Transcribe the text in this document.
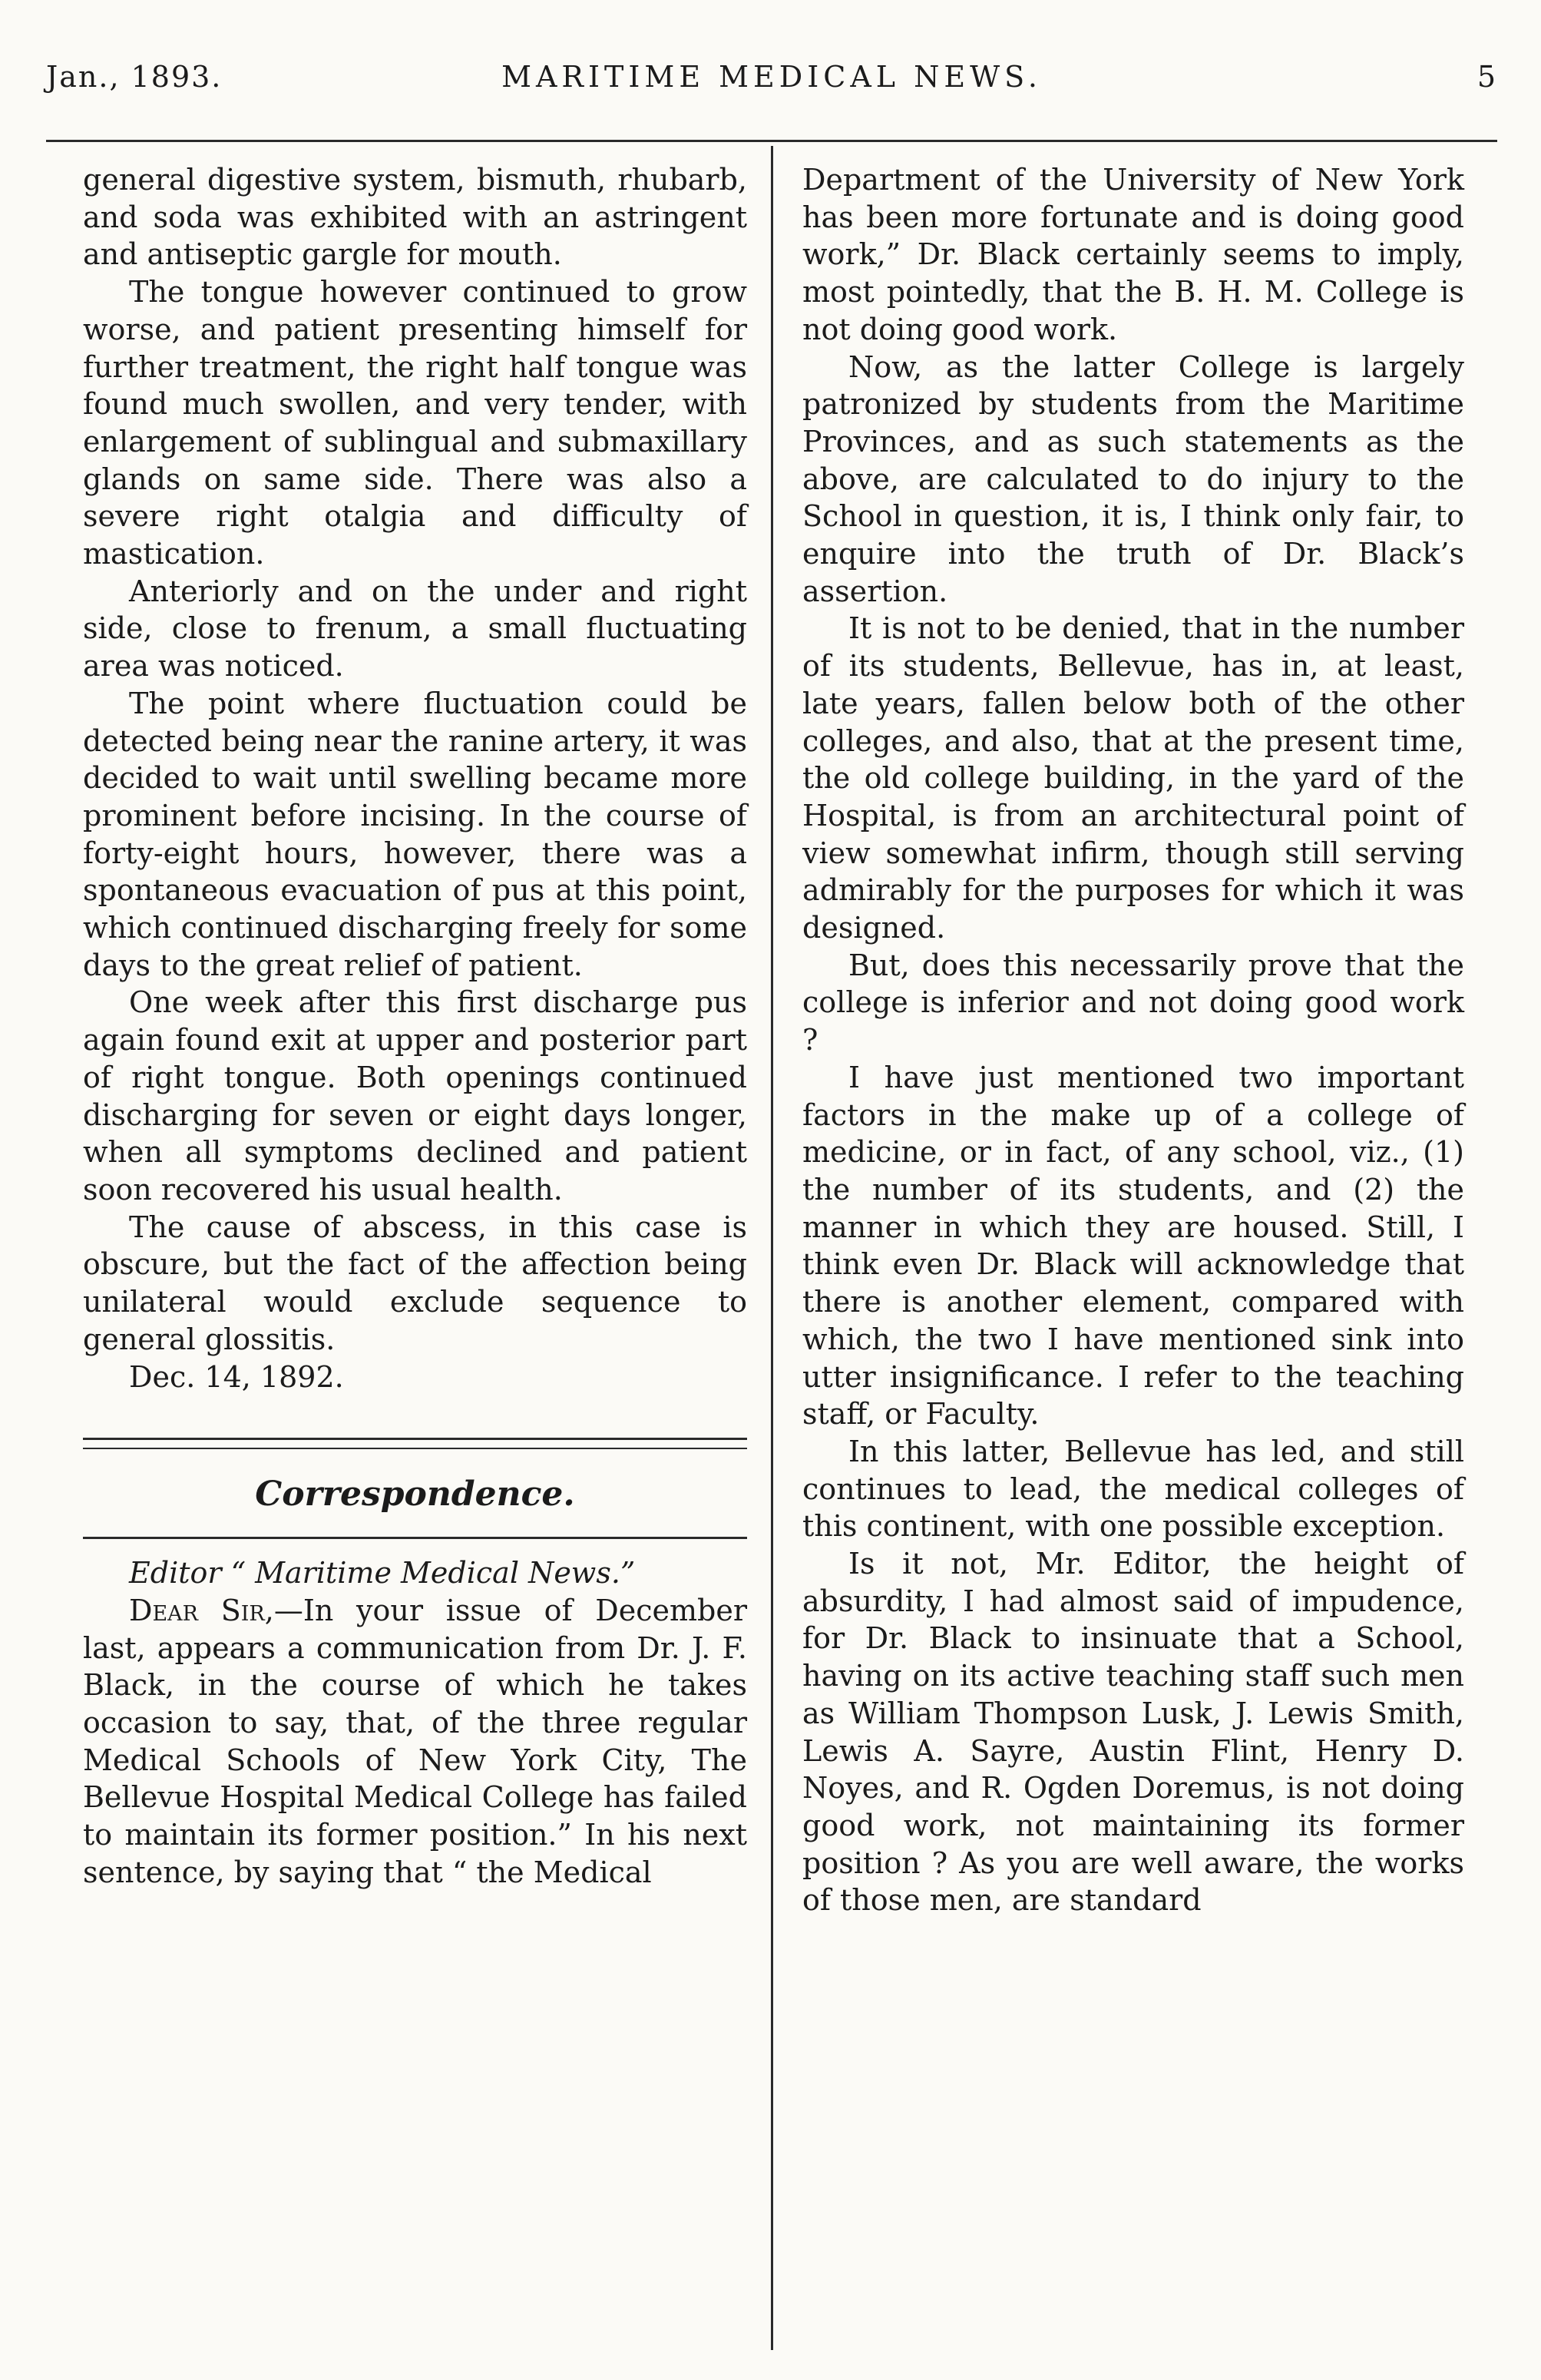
Jan., 1893.	MARITIME MEDICAL NEWS.	5

general digestive system, bismuth, rhubarb, and soda was exhibited with an astringent and antiseptic gargle for mouth.

The tongue however continued to grow worse, and patient presenting himself for further treatment, the right half tongue was found much swollen, and very tender, with enlargement of sublingual and submaxillary glands on same side. There was also a severe right otalgia and difficulty of mastication.

Anteriorly and on the under and right side, close to frenum, a small fluctuating area was noticed.

The point where fluctuation could be detected being near the ranine artery, it was decided to wait until swelling became more prominent before incising. In the course of forty-eight hours, however, there was a spontaneous evacuation of pus at this point, which continued discharging freely for some days to the great relief of patient.

One week after this first discharge pus again found exit at upper and posterior part of right tongue. Both openings continued discharging for seven or eight days longer, when all symptoms declined and patient soon recovered his usual health.

The cause of abscess, in this case is obscure, but the fact of the affection being unilateral would exclude sequence to general glossitis.

Dec. 14, 1892.
Correspondence.

Editor “ Maritime Medical News.”

Dear Sir,—In your issue of December last, appears a communication from Dr. J. F. Black, in the course of which he takes occasion to say, that, of the three regular Medical Schools of New York City, The Bellevue Hospital Medical College has failed to maintain its former position.” In his next sentence, by saying that “ the Medical

Department of the University of New York has been more fortunate and is doing good work,” Dr. Black certainly seems to imply, most pointedly, that the B. H. M. College is not doing good work.

Now, as the latter College is largely patronized by students from the Maritime Provinces, and as such statements as the above, are calculated to do injury to the School in question, it is, I think only fair, to enquire into the truth of Dr. Black’s assertion.

It is not to be denied, that in the number of its students, Bellevue, has in, at least, late years, fallen below both of the other colleges, and also, that at the present time, the old college building, in the yard of the Hospital, is from an architectural point of view somewhat infirm, though still serving admirably for the purposes for which it was designed.

But, does this necessarily prove that the college is inferior and not doing good work ?

I have just mentioned two important factors in the make up of a college of medicine, or in fact, of any school, viz., (1) the number of its students, and (2) the manner in which they are housed. Still, I think even Dr. Black will acknowledge that there is another element, compared with which, the two I have mentioned sink into utter insignificance. I refer to the teaching staff, or Faculty.

In this latter, Bellevue has led, and still continues to lead, the medical colleges of this continent, with one possible exception.

Is it not, Mr. Editor, the height of absurdity, I had almost said of impudence, for Dr. Black to insinuate that a School, having on its active teaching staff such men as William Thompson Lusk, J. Lewis Smith, Lewis A. Sayre, Austin Flint, Henry D. Noyes, and R. Ogden Doremus, is not doing good work, not maintaining its former position ? As you are well aware, the works of those men, are standard
